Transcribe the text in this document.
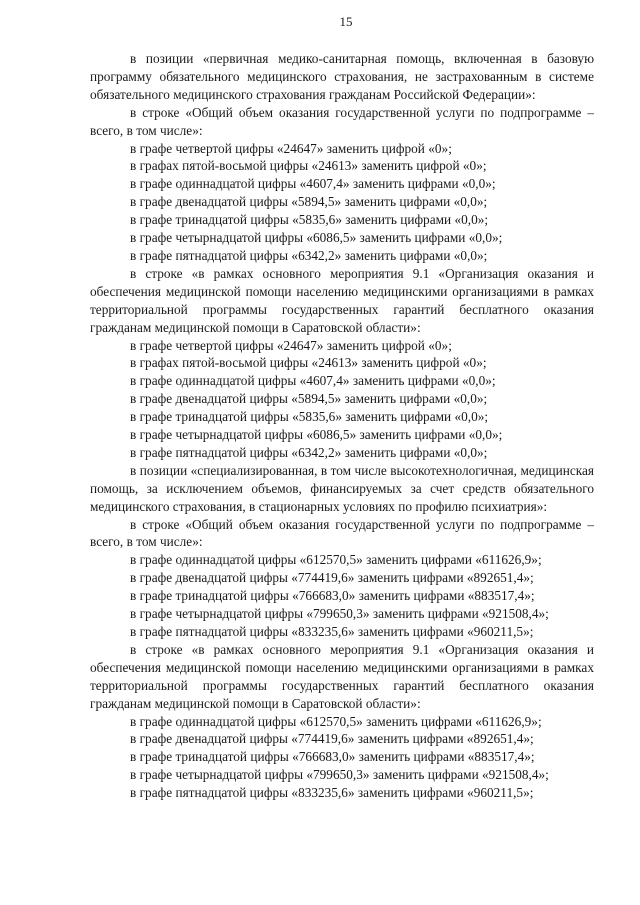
15

в позиции «первичная медико-санитарная помощь, включенная в базовую программу обязательного медицинского страхования, не застрахованным в системе обязательного медицинского страхования гражданам Российской Федерации»:

в строке «Общий объем оказания государственной услуги по подпрограмме – всего, в том числе»:

в графе четвертой цифры «24647» заменить цифрой «0»;

в графах пятой-восьмой цифры «24613» заменить цифрой «0»;

в графе одиннадцатой цифры «4607,4» заменить цифрами «0,0»;

в графе двенадцатой цифры «5894,5» заменить цифрами «0,0»;

в графе тринадцатой цифры «5835,6» заменить цифрами «0,0»;

в графе четырнадцатой цифры «6086,5» заменить цифрами «0,0»;

в графе пятнадцатой цифры «6342,2» заменить цифрами «0,0»;

в строке «в рамках основного мероприятия 9.1 «Организация оказания и обеспечения медицинской помощи населению медицинскими организациями в рамках территориальной программы государственных гарантий бесплатного оказания гражданам медицинской помощи в Саратовской области»:

в графе четвертой цифры «24647» заменить цифрой «0»;

в графах пятой-восьмой цифры «24613» заменить цифрой «0»;

в графе одиннадцатой цифры «4607,4» заменить цифрами «0,0»;

в графе двенадцатой цифры «5894,5» заменить цифрами «0,0»;

в графе тринадцатой цифры «5835,6» заменить цифрами «0,0»;

в графе четырнадцатой цифры «6086,5» заменить цифрами «0,0»;

в графе пятнадцатой цифры «6342,2» заменить цифрами «0,0»;

в позиции «специализированная, в том числе высокотехнологичная, медицинская помощь, за исключением объемов, финансируемых за счет средств обязательного медицинского страхования, в стационарных условиях по профилю психиатрия»:

в строке «Общий объем оказания государственной услуги по подпрограмме – всего, в том числе»:

в графе одиннадцатой цифры «612570,5» заменить цифрами «611626,9»;

в графе двенадцатой цифры «774419,6» заменить цифрами «892651,4»;

в графе тринадцатой цифры «766683,0» заменить цифрами «883517,4»;

в графе четырнадцатой цифры «799650,3» заменить цифрами «921508,4»;

в графе пятнадцатой цифры «833235,6» заменить цифрами «960211,5»;

в строке «в рамках основного мероприятия 9.1 «Организация оказания и обеспечения медицинской помощи населению медицинскими организациями в рамках территориальной программы государственных гарантий бесплатного оказания гражданам медицинской помощи в Саратовской области»:

в графе одиннадцатой цифры «612570,5» заменить цифрами «611626,9»;

в графе двенадцатой цифры «774419,6» заменить цифрами «892651,4»;

в графе тринадцатой цифры «766683,0» заменить цифрами «883517,4»;

в графе четырнадцатой цифры «799650,3» заменить цифрами «921508,4»;

в графе пятнадцатой цифры «833235,6» заменить цифрами «960211,5»;
